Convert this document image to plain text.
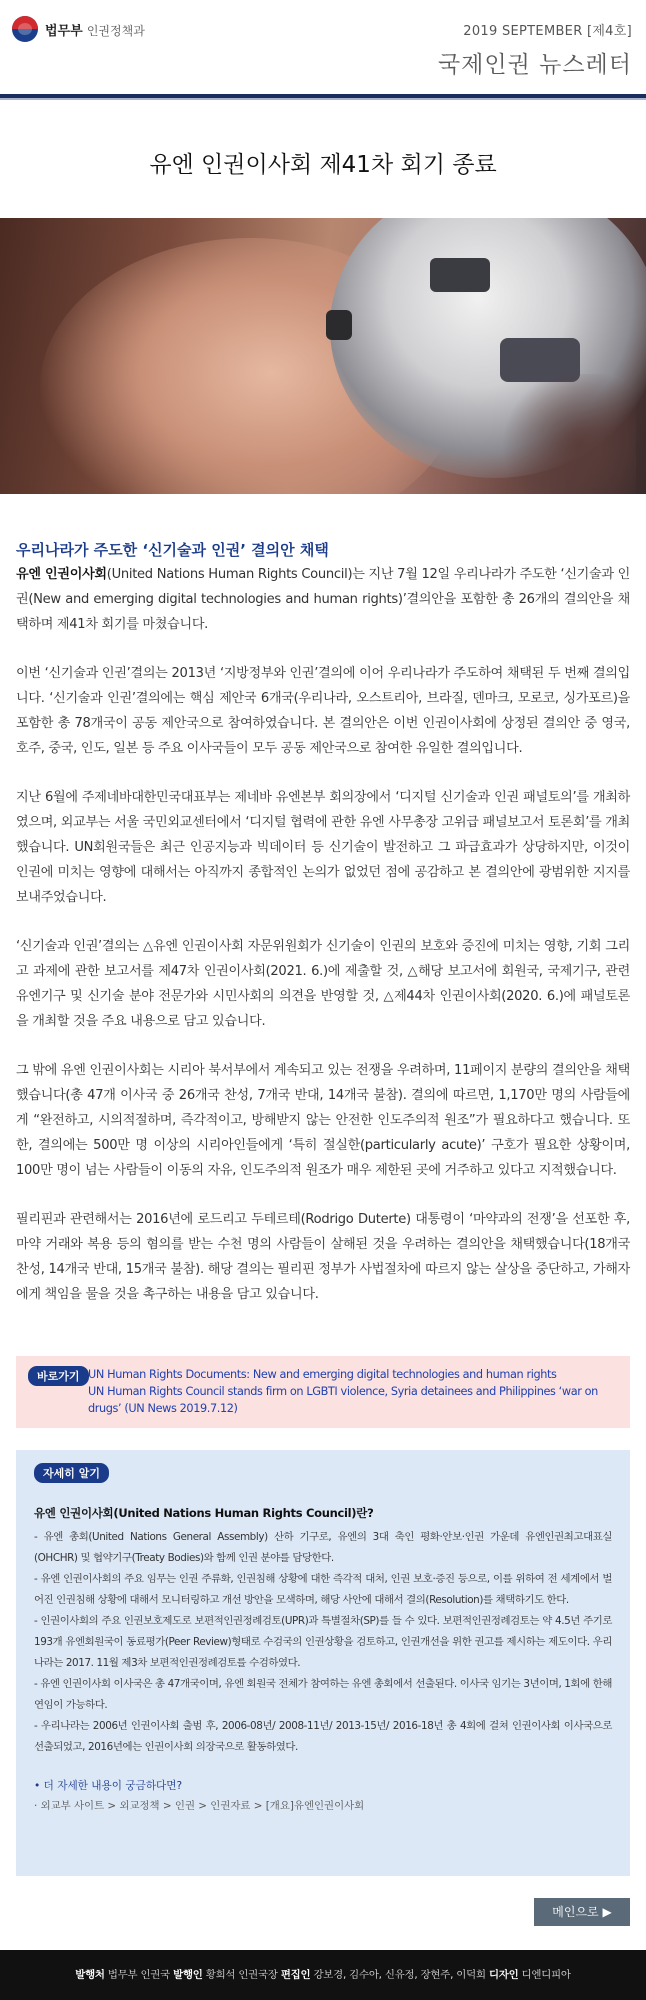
법무부 인권정책과	2019 SEPTEMBER [제4호]
국제인권 뉴스레터
유엔 인권이사회 제41차 회기 종료
우리나라가 주도한 ‘신기술과 인권’ 결의안 채택

유엔 인권이사회(United Nations Human Rights Council)는 지난 7월 12일 우리나라가 주도한 ‘신기술과 인권(New and emerging digital technologies and human rights)’결의안을 포함한 총 26개의 결의안을 채택하며 제41차 회기를 마쳤습니다.

이번 ‘신기술과 인권’결의는 2013년 ‘지방정부와 인권’결의에 이어 우리나라가 주도하여 채택된 두 번째 결의입니다. ‘신기술과 인권’결의에는 핵심 제안국 6개국(우리나라, 오스트리아, 브라질, 덴마크, 모로코, 싱가포르)을 포함한 총 78개국이 공동 제안국으로 참여하였습니다. 본 결의안은 이번 인권이사회에 상정된 결의안 중 영국, 호주, 중국, 인도, 일본 등 주요 이사국들이 모두 공동 제안국으로 참여한 유일한 결의입니다.

지난 6월에 주제네바대한민국대표부는 제네바 유엔본부 회의장에서 ‘디지털 신기술과 인권 패널토의’를 개최하였으며, 외교부는 서울 국민외교센터에서 ‘디지털 협력에 관한 유엔 사무총장 고위급 패널보고서 토론회’를 개최했습니다. UN회원국들은 최근 인공지능과 빅데이터 등 신기술이 발전하고 그 파급효과가 상당하지만, 이것이 인권에 미치는 영향에 대해서는 아직까지 종합적인 논의가 없었던 점에 공감하고 본 결의안에 광범위한 지지를 보내주었습니다.

‘신기술과 인권’결의는 △유엔 인권이사회 자문위원회가 신기술이 인권의 보호와 증진에 미치는 영향, 기회 그리고 과제에 관한 보고서를 제47차 인권이사회(2021. 6.)에 제출할 것, △해당 보고서에 회원국, 국제기구, 관련 유엔기구 및 신기술 분야 전문가와 시민사회의 의견을 반영할 것, △제44차 인권이사회(2020. 6.)에 패널토론을 개최할 것을 주요 내용으로 담고 있습니다.

그 밖에 유엔 인권이사회는 시리아 북서부에서 계속되고 있는 전쟁을 우려하며, 11페이지 분량의 결의안을 채택했습니다(총 47개 이사국 중 26개국 찬성, 7개국 반대, 14개국 불참). 결의에 따르면, 1,170만 명의 사람들에게 “완전하고, 시의적절하며, 즉각적이고, 방해받지 않는 안전한 인도주의적 원조”가 필요하다고 했습니다. 또한, 결의에는 500만 명 이상의 시리아인들에게 ‘특히 절실한(particularly acute)’ 구호가 필요한 상황이며, 100만 명이 넘는 사람들이 이동의 자유, 인도주의적 원조가 매우 제한된 곳에 거주하고 있다고 지적했습니다.

필리핀과 관련해서는 2016년에 로드리고 두테르테(Rodrigo Duterte) 대통령이 ‘마약과의 전쟁’을 선포한 후, 마약 거래와 복용 등의 혐의를 받는 수천 명의 사람들이 살해된 것을 우려하는 결의안을 채택했습니다(18개국 찬성, 14개국 반대, 15개국 불참). 해당 결의는 필리핀 정부가 사법절차에 따르지 않는 살상을 중단하고, 가해자에게 책임을 물을 것을 촉구하는 내용을 담고 있습니다.

바로가기 UN Human Rights Documents: New and emerging digital technologies and human rights
UN Human Rights Council stands firm on LGBTI violence, Syria detainees and Philippines ‘war on drugs’ (UN News 2019.7.12)
자세히 알기
유엔 인권이사회(United Nations Human Rights Council)란?
- 유엔 총회(United Nations General Assembly) 산하 기구로, 유엔의 3대 축인 평화·안보·인권 가운데 유엔인권최고대표실(OHCHR) 및 협약기구(Treaty Bodies)와 함께 인권 분야를 담당한다.
- 유엔 인권이사회의 주요 임무는 인권 주류화, 인권침해 상황에 대한 즉각적 대처, 인권 보호·증진 등으로, 이를 위하여 전 세계에서 벌어진 인권침해 상황에 대해서 모니터링하고 개선 방안을 모색하며, 해당 사안에 대해서 결의(Resolution)를 채택하기도 한다.
- 인권이사회의 주요 인권보호제도로 보편적인권정례검토(UPR)과 특별절차(SP)를 들 수 있다. 보편적인권정례검토는 약 4.5년 주기로 193개 유엔회원국이 동료평가(Peer Review)형태로 수검국의 인권상황을 검토하고, 인권개선을 위한 권고를 제시하는 제도이다. 우리나라는 2017. 11월 제3차 보편적인권정례검토를 수검하였다.
- 유엔 인권이사회 이사국은 총 47개국이며, 유엔 회원국 전체가 참여하는 유엔 총회에서 선출된다. 이사국 임기는 3년이며, 1회에 한해 연임이 가능하다.
- 우리나라는 2006년 인권이사회 출범 후, 2006-08년/ 2008-11년/ 2013-15년/ 2016-18년 총 4회에 걸쳐 인권이사회 이사국으로 선출되었고, 2016년에는 인권이사회 의장국으로 활동하였다.
• 더 자세한 내용이 궁금하다면?
· 외교부 사이트 > 외교정책 > 인권 > 인권자료 > [개요]유엔인권이사회
메인으로 ▶
발행처 법무부 인권국 발행인 황희석 인권국장 편집인 강보경, 김수아, 신유정, 장현주, 이덕희 디자인 디엔디피아
